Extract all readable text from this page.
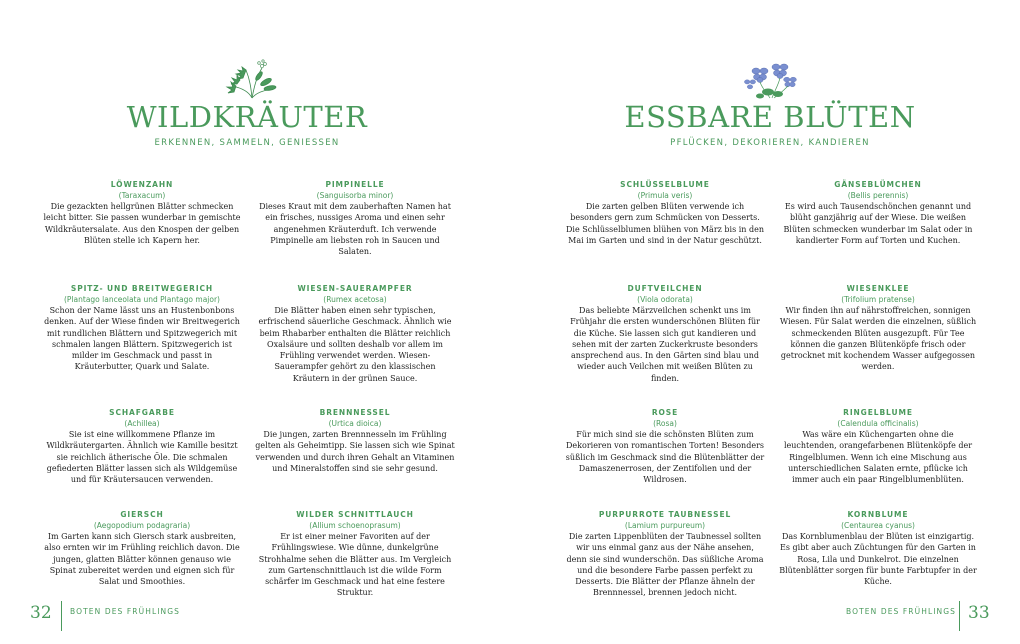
WILDKRÄUTER
ERKENNEN, SAMMELN, GENIESSEN
LÖWENZAHN
(Taraxacum)
Die gezackten hellgrünen Blätter schmecken leicht bitter. Sie passen wunderbar in gemischte Wildkräutersalate. Aus den Knospen der gelben Blüten stelle ich Kapern her.
PIMPINELLE
(Sanguisorba minor)
Dieses Kraut mit dem zauberhaften Namen hat ein frisches, nussiges Aroma und einen sehr angenehmen Kräuterduft. Ich verwende Pimpinelle am liebsten roh in Saucen und Salaten.
SPITZ- UND BREITWEGERICH
(Plantago lanceolata und Plantago major)
Schon der Name lässt uns an Hustenbonbons denken. Auf der Wiese finden wir Breitwegerich mit rundlichen Blättern und Spitzwegerich mit schmalen langen Blättern. Spitzwegerich ist milder im Geschmack und passt in Kräuterbutter, Quark und Salate.
WIESEN-SAUERAMPFER
(Rumex acetosa)
Die Blätter haben einen sehr typischen, erfrischend säuerliche Geschmack. Ähnlich wie beim Rhabarber enthalten die Blätter reichlich Oxalsäure und sollten deshalb vor allem im Frühling verwendet werden. Wiesen-Sauerampfer gehört zu den klassischen Kräutern in der grünen Sauce.
SCHAFGARBE
(Achillea)
Sie ist eine willkommene Pflanze im Wildkräutergarten. Ähnlich wie Kamille besitzt sie reichlich ätherische Öle. Die schmalen gefiederten Blätter lassen sich als Wildgemüse und für Kräutersaucen verwenden.
BRENNNESSEL
(Urtica dioica)
Die jungen, zarten Brennnesseln im Frühling gelten als Geheimtipp. Sie lassen sich wie Spinat verwenden und durch ihren Gehalt an Vitaminen und Mineralstoffen sind sie sehr gesund.
GIERSCH
(Aegopodium podagraria)
Im Garten kann sich Giersch stark ausbreiten, also ernten wir im Frühling reichlich davon. Die jungen, glatten Blätter können genauso wie Spinat zubereitet werden und eignen sich für Salat und Smoothies.
WILDER SCHNITTLAUCH
(Allium schoenoprasum)
Er ist einer meiner Favoriten auf der Frühlingswiese. Wie dünne, dunkelgrüne Strohhalme sehen die Blätter aus. Im Vergleich zum Gartenschnittlauch ist die wilde Form schärfer im Geschmack und hat eine festere Struktur.
32 BOTEN DES FRÜHLINGS
ESSBARE BLÜTEN
PFLÜCKEN, DEKORIEREN, KANDIEREN
SCHLÜSSELBLUME
(Primula veris)
Die zarten gelben Blüten verwende ich besonders gern zum Schmücken von Desserts. Die Schlüsselblumen blühen von März bis in den Mai im Garten und sind in der Natur geschützt.
GÄNSEBLÜMCHEN
(Bellis perennis)
Es wird auch Tausendschönchen genannt und blüht ganzjährig auf der Wiese. Die weißen Blüten schmecken wunderbar im Salat oder in kandierter Form auf Torten und Kuchen.
DUFTVEILCHEN
(Viola odorata)
Das beliebte Märzveilchen schenkt uns im Frühjahr die ersten wunderschönen Blüten für die Küche. Sie lassen sich gut kandieren und sehen mit der zarten Zuckerkruste besonders ansprechend aus. In den Gärten sind blau und wieder auch Veilchen mit weißen Blüten zu finden.
WIESENKLEE
(Trifolium pratense)
Wir finden ihn auf nährstoffreichen, sonnigen Wiesen. Für Salat werden die einzelnen, süßlich schmeckenden Blüten ausgezupft. Für Tee können die ganzen Blütenköpfe frisch oder getrocknet mit kochendem Wasser aufgegossen werden.
ROSE
(Rosa)
Für mich sind sie die schönsten Blüten zum Dekorieren von romantischen Torten! Besonders süßlich im Geschmack sind die Blütenblätter der Damaszenerrosen, der Zentifolien und der Wildrosen.
RINGELBLUME
(Calendula officinalis)
Was wäre ein Küchengarten ohne die leuchtenden, orangefarbenen Blütenköpfe der Ringelblumen. Wenn ich eine Mischung aus unterschiedlichen Salaten ernte, pflücke ich immer auch ein paar Ringelblumenblüten.
PURPURROTE TAUBNESSEL
(Lamium purpureum)
Die zarten Lippenblüten der Taubnessel sollten wir uns einmal ganz aus der Nähe ansehen, denn sie sind wunderschön. Das süßliche Aroma und die besondere Farbe passen perfekt zu Desserts. Die Blätter der Pflanze ähneln der Brennnessel, brennen jedoch nicht.
KORNBLUME
(Centaurea cyanus)
Das Kornblumenblau der Blüten ist einzigartig. Es gibt aber auch Züchtungen für den Garten in Rosa, Lila und Dunkelrot. Die einzelnen Blütenblätter sorgen für bunte Farbtupfer in der Küche.
BOTEN DES FRÜHLINGS 33
